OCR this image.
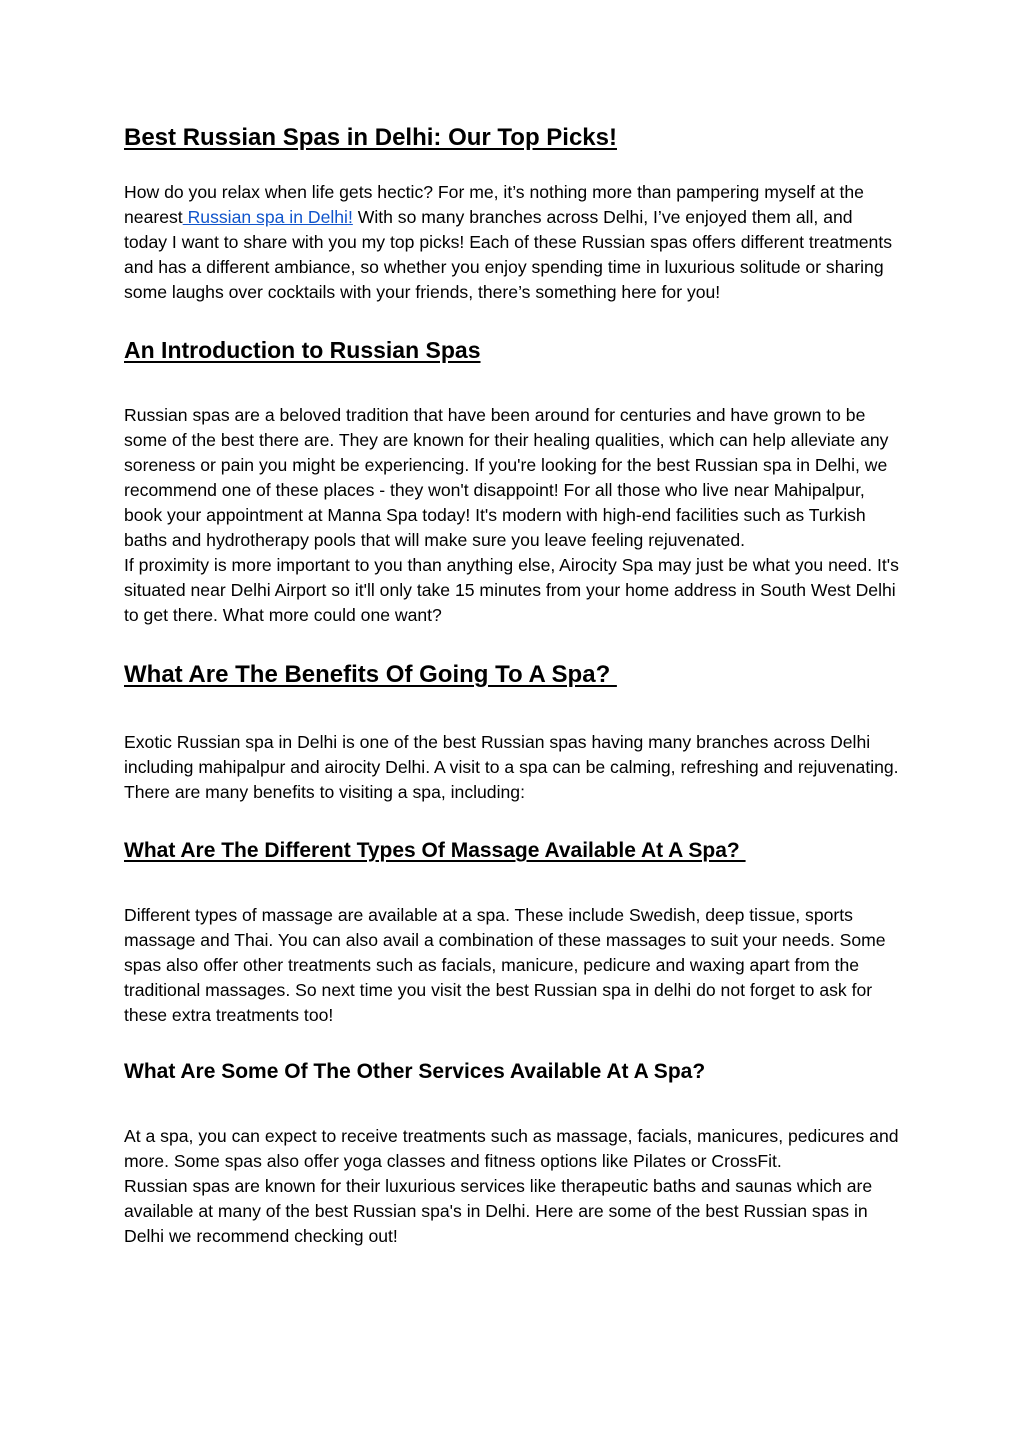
Best Russian Spas in Delhi: Our Top Picks!

How do you relax when life gets hectic? For me, it’s nothing more than pampering myself at the nearest Russian spa in Delhi! With so many branches across Delhi, I’ve enjoyed them all, and today I want to share with you my top picks! Each of these Russian spas offers different treatments and has a different ambiance, so whether you enjoy spending time in luxurious solitude or sharing some laughs over cocktails with your friends, there’s something here for you!

An Introduction to Russian Spas

Russian spas are a beloved tradition that have been around for centuries and have grown to be some of the best there are. They are known for their healing qualities, which can help alleviate any soreness or pain you might be experiencing. If you're looking for the best Russian spa in Delhi, we recommend one of these places - they won't disappoint! For all those who live near Mahipalpur, book your appointment at Manna Spa today! It's modern with high-end facilities such as Turkish baths and hydrotherapy pools that will make sure you leave feeling rejuvenated.

If proximity is more important to you than anything else, Airocity Spa may just be what you need. It's situated near Delhi Airport so it'll only take 15 minutes from your home address in South West Delhi to get there. What more could one want?

What Are The Benefits Of Going To A Spa?

Exotic Russian spa in Delhi is one of the best Russian spas having many branches across Delhi including mahipalpur and airocity Delhi. A visit to a spa can be calming, refreshing and rejuvenating. There are many benefits to visiting a spa, including:

What Are The Different Types Of Massage Available At A Spa?

Different types of massage are available at a spa. These include Swedish, deep tissue, sports massage and Thai. You can also avail a combination of these massages to suit your needs. Some spas also offer other treatments such as facials, manicure, pedicure and waxing apart from the traditional massages. So next time you visit the best Russian spa in delhi do not forget to ask for these extra treatments too!

What Are Some Of The Other Services Available At A Spa?

At a spa, you can expect to receive treatments such as massage, facials, manicures, pedicures and more. Some spas also offer yoga classes and fitness options like Pilates or CrossFit.

Russian spas are known for their luxurious services like therapeutic baths and saunas which are available at many of the best Russian spa's in Delhi. Here are some of the best Russian spas in Delhi we recommend checking out!
